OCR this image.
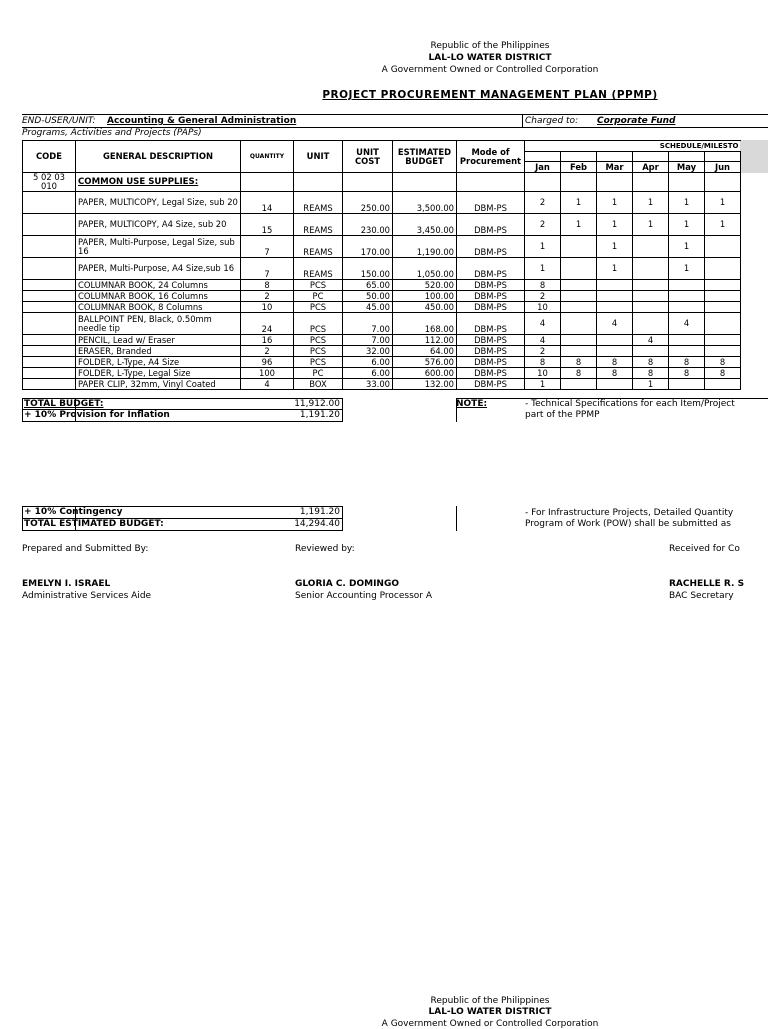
Republic of the Philippines
LAL-LO WATER DISTRICT
A Government Owned or Controlled Corporation
PROJECT PROCUREMENT MANAGEMENT PLAN (PPMP)
END-USER/UNIT: Accounting & General Administration	Charged to: Corporate Fund
Programs, Activities and Projects (PAPs)
CODE	GENERAL DESCRIPTION	QUANTITY	UNIT	UNIT COST	ESTIMATED BUDGET	Mode of Procurement	SCHEDULE/MILESTO					

							Jan	Feb	Mar	Apr	May	Jun
5 02 03 010	COMMON USE SUPPLIES:											
	PAPER, MULTICOPY, Legal Size, sub 20	14	REAMS	250.00	3,500.00	DBM-PS	2	1	1	1	1	1
	PAPER, MULTICOPY, A4 Size, sub 20	15	REAMS	230.00	3,450.00	DBM-PS	2	1	1	1	1	1
	PAPER, Multi-Purpose, Legal Size, sub 16	7	REAMS	170.00	1,190.00	DBM-PS	1		1		1	
	PAPER, Multi-Purpose, A4 Size,sub 16	7	REAMS	150.00	1,050.00	DBM-PS	1		1		1	
	COLUMNAR BOOK, 24 Columns	8	PCS	65.00	520.00	DBM-PS	8					
	COLUMNAR BOOK, 16 Columns	2	PC	50.00	100.00	DBM-PS	2					
	COLUMNAR BOOK, 8 Columns	10	PCS	45.00	450.00	DBM-PS	10					
	BALLPOINT PEN, Black, 0.50mm needle tip	24	PCS	7.00	168.00	DBM-PS	4		4		4	
	PENCIL, Lead w/ Eraser	16	PCS	7.00	112.00	DBM-PS	4			4		
	ERASER, Branded	2	PCS	32.00	64.00	DBM-PS	2					
	FOLDER, L-Type, A4 Size	96	PCS	6.00	576.00	DBM-PS	8	8	8	8	8	8
	FOLDER, L-Type, Legal Size	100	PC	6.00	600.00	DBM-PS	10	8	8	8	8	8
	PAPER CLIP, 32mm, Vinyl Coated	4	BOX	33.00	132.00	DBM-PS	1			1		
TOTAL BUDGET:	11,912.00
+ 10% Provision for Inflation	1,191.20
NOTE:	- Technical Specifications for each Item/Project
part of the PPMP
+ 10% Contingency	1,191.20
TOTAL ESTIMATED BUDGET:	14,294.40
- For Infrastructure Projects, Detailed Quantity
Program of Work (POW) shall be submitted as
Prepared and Submitted By:	Reviewed by:	Received for Co
EMELYN I. ISRAEL
Administrative Services Aide
GLORIA C. DOMINGO
Senior Accounting Processor A
RACHELLE R. S
BAC Secretary
Republic of the Philippines
LAL-LO WATER DISTRICT
A Government Owned or Controlled Corporation
